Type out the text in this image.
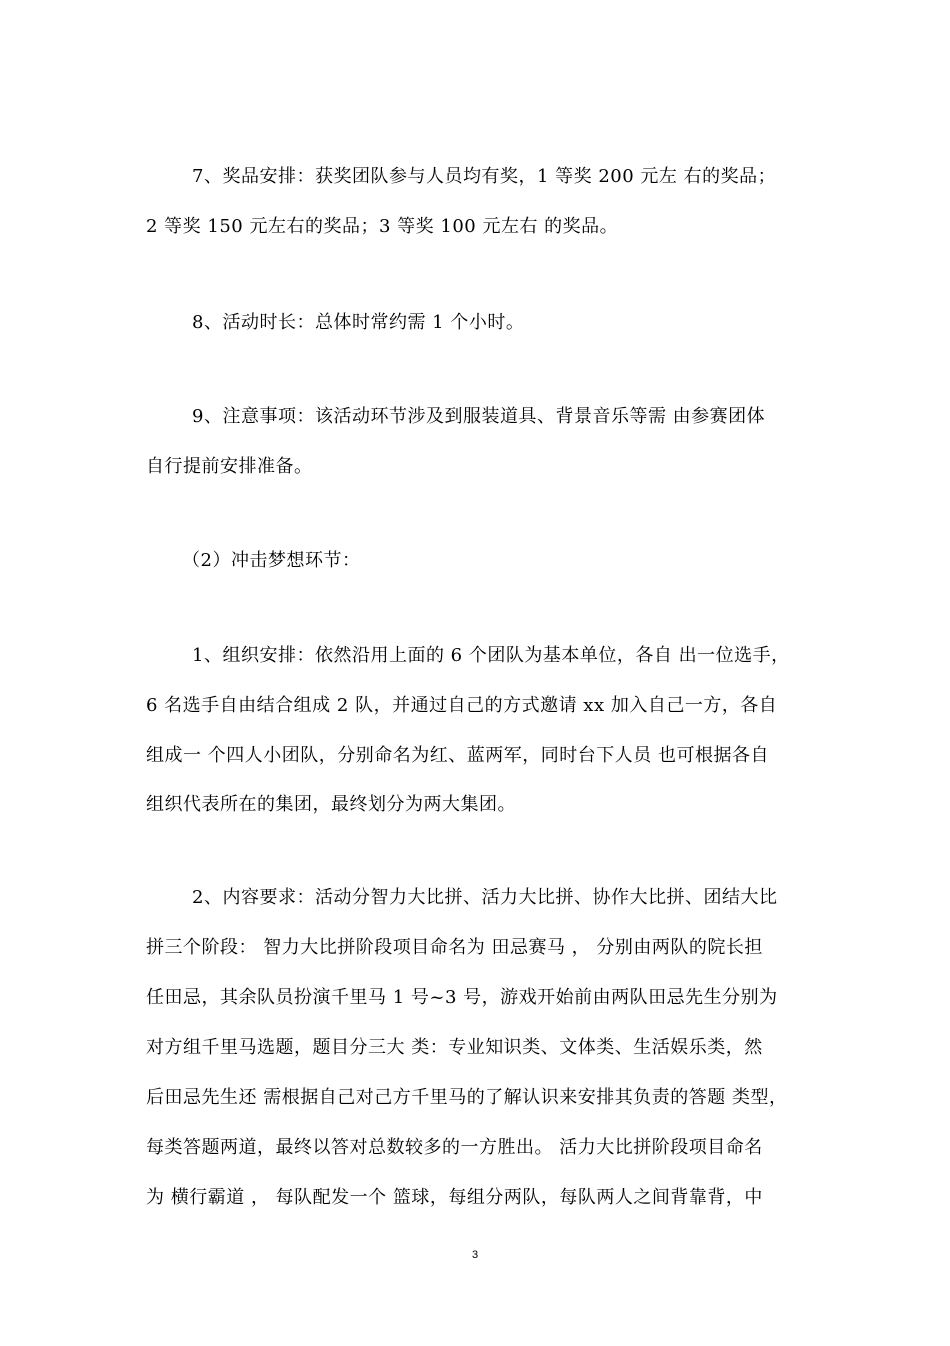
7、奖品安排：获奖团队参与人员均有奖，1 等奖 200 元左 右的奖品；
2 等奖 150 元左右的奖品；3 等奖 100 元左右 的奖品。
8、活动时长：总体时常约需 1 个小时。
9、注意事项：该活动环节涉及到服装道具、背景音乐等需 由参赛团体
自行提前安排准备。
（2）冲击梦想环节：
1、组织安排：依然沿用上面的 6 个团队为基本单位，各自 出一位选手，
6 名选手自由结合组成 2 队，并通过自己的方式邀请 xx 加入自己一方，各自
组成一 个四人小团队，分别命名为红、蓝两军，同时台下人员 也可根据各自
组织代表所在的集团，最终划分为两大集团。
2、内容要求：活动分智力大比拼、活力大比拼、协作大比拼、团结大比
拼三个阶段： 智力大比拼阶段项目命名为 田忌赛马 ， 分别由两队的院长担
任田忌，其余队员扮演千里马 1 号~3 号，游戏开始前由两队田忌先生分别为
对方组千里马选题，题目分三大 类：专业知识类、文体类、生活娱乐类，然
后田忌先生还 需根据自己对己方千里马的了解认识来安排其负责的答题 类型，
每类答题两道，最终以答对总数较多的一方胜出。 活力大比拼阶段项目命名
为 横行霸道 ， 每队配发一个 篮球，每组分两队，每队两人之间背靠背，中
3
